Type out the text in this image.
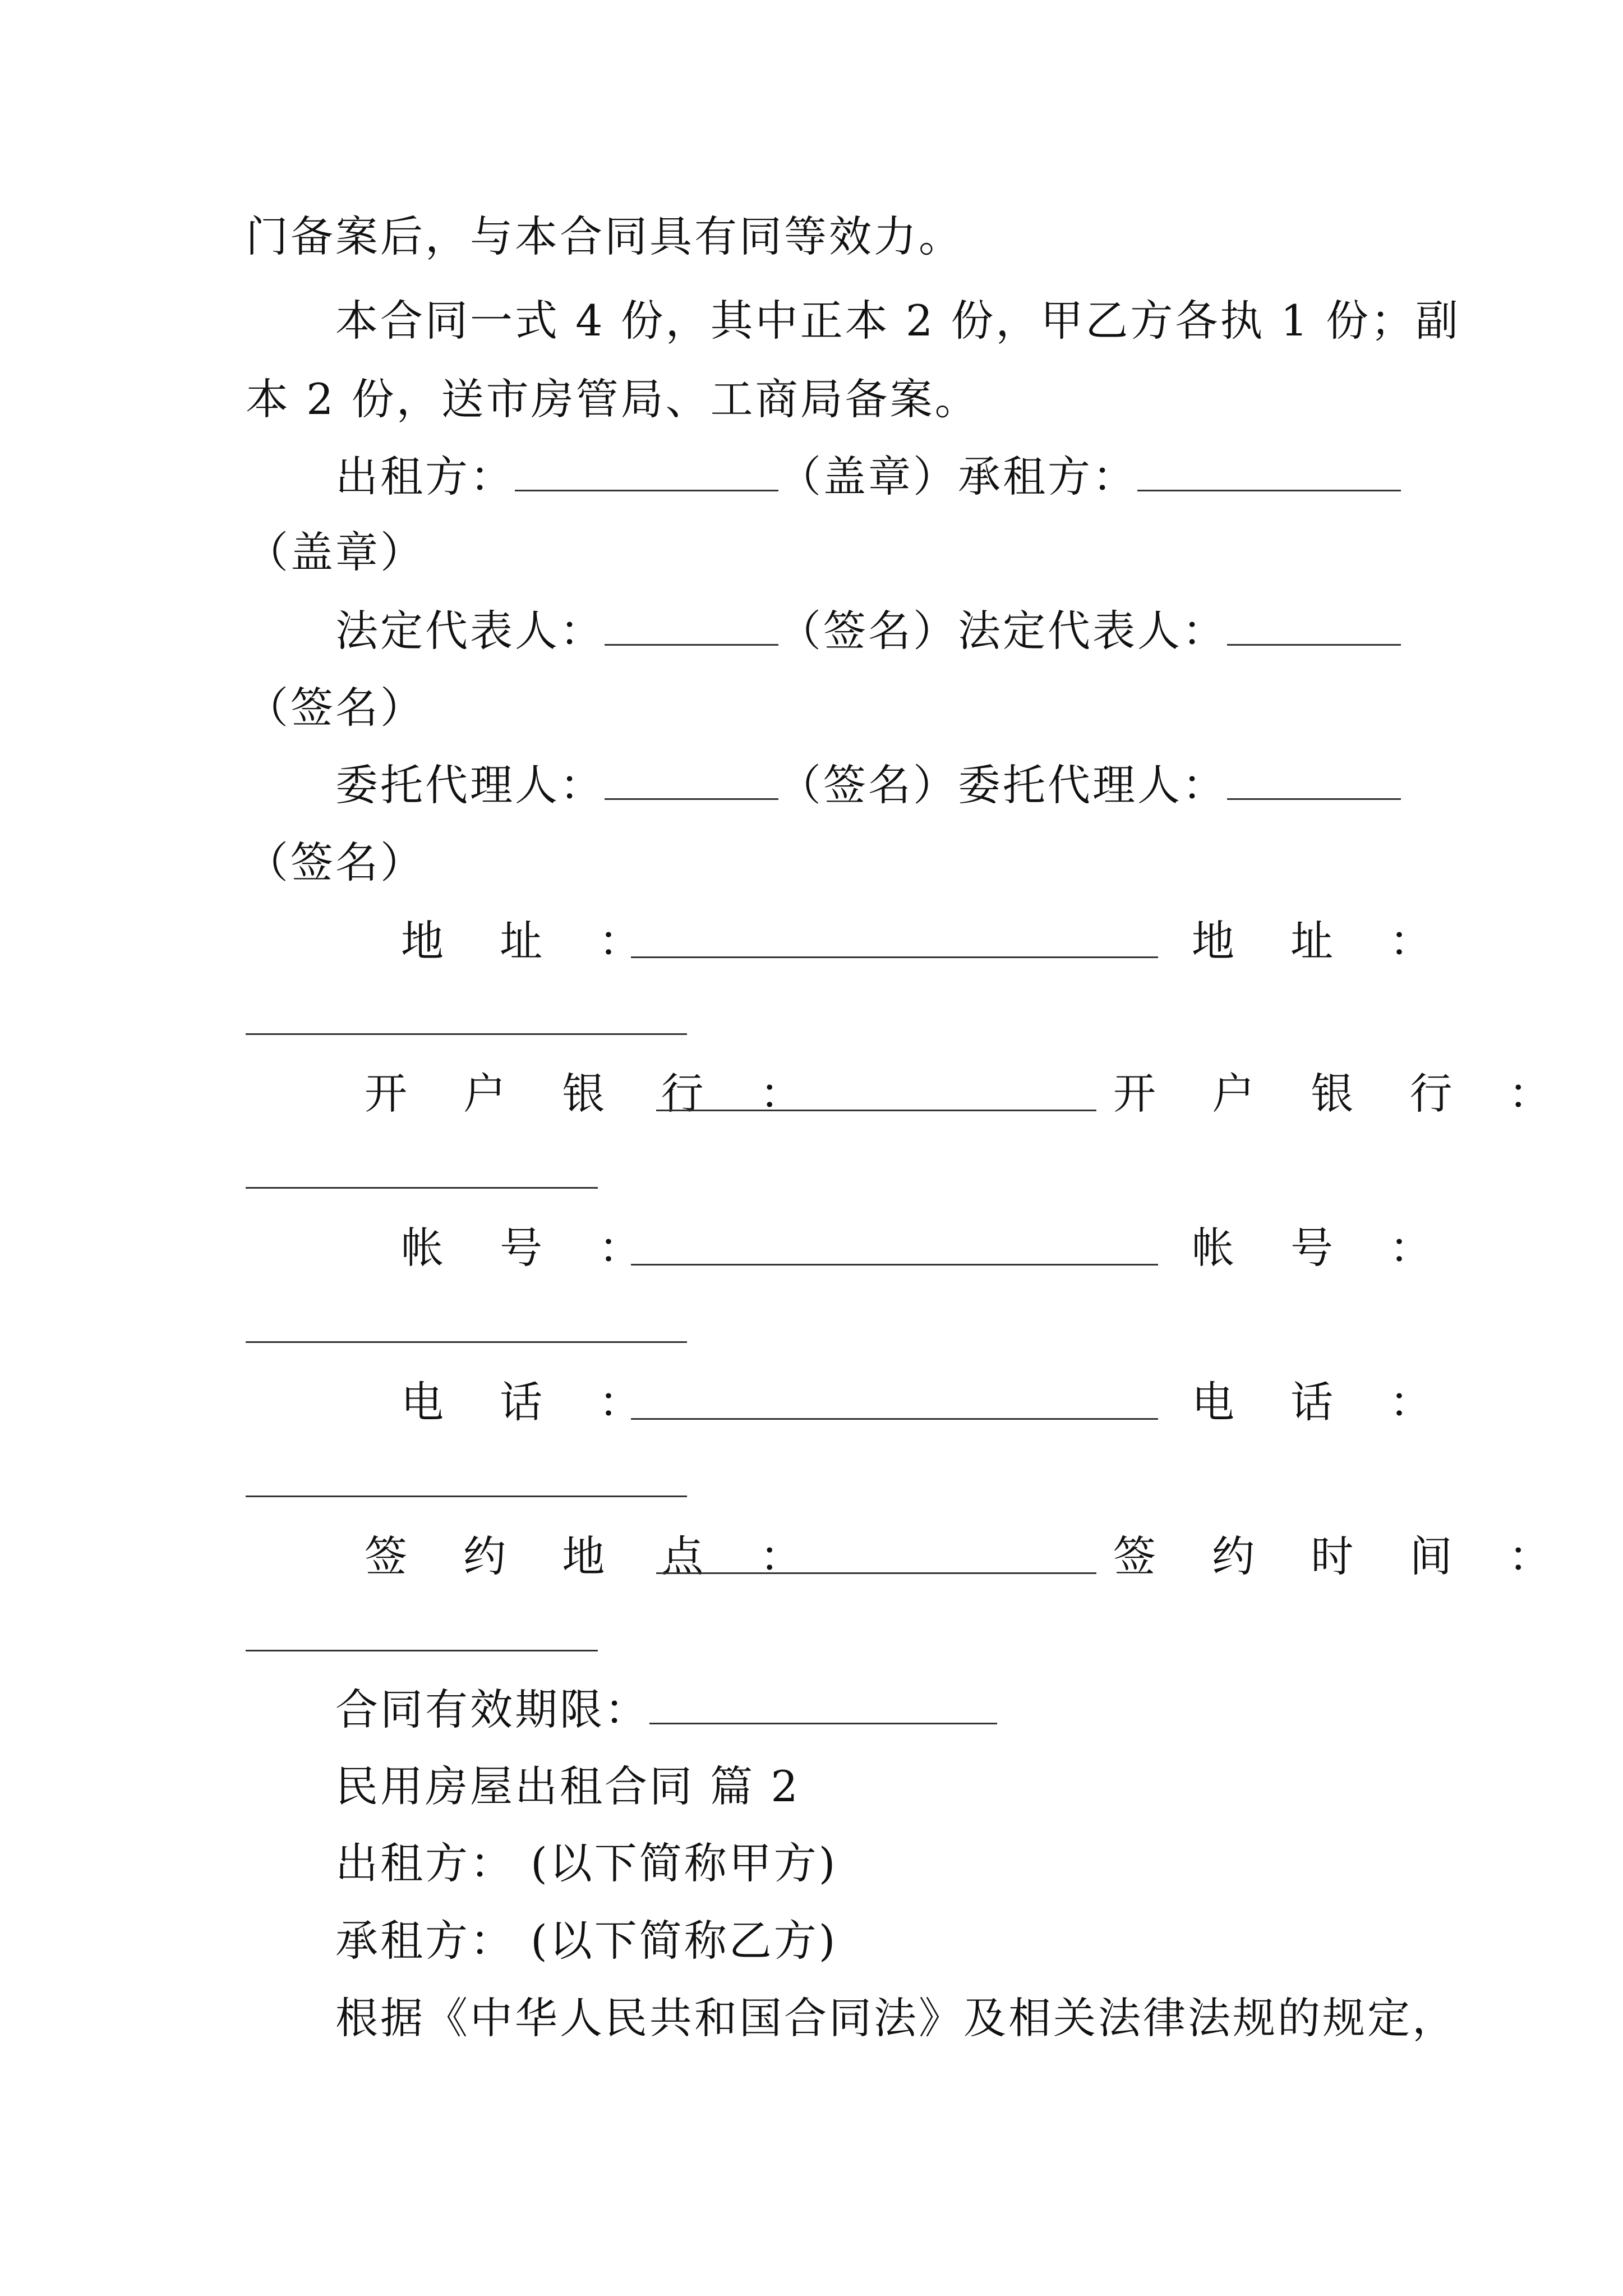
门备案后，与本合同具有同等效力。
本合同一式 4 份，其中正本 2 份，甲乙方各执 1 份；副
本 2 份，送市房管局、工商局备案。
出租方：	（盖章）承租方：
（盖章）
法定代表人：	（签名）法定代表人：
（签名）
委托代理人：	（签名）委托代理人：
（签名）
地 址 ：	地 址 ：
开 户 银 行 ：	开 户 银 行 ：
帐 号 ：	帐 号 ：
电 话 ：	电 话 ：
签 约 地 点 ：	签 约 时 间 ：
合同有效期限：
民用房屋出租合同 篇 2
出租方： (以下简称甲方)
承租方： (以下简称乙方)
根据《中华人民共和国合同法》及相关法律法规的规定，
